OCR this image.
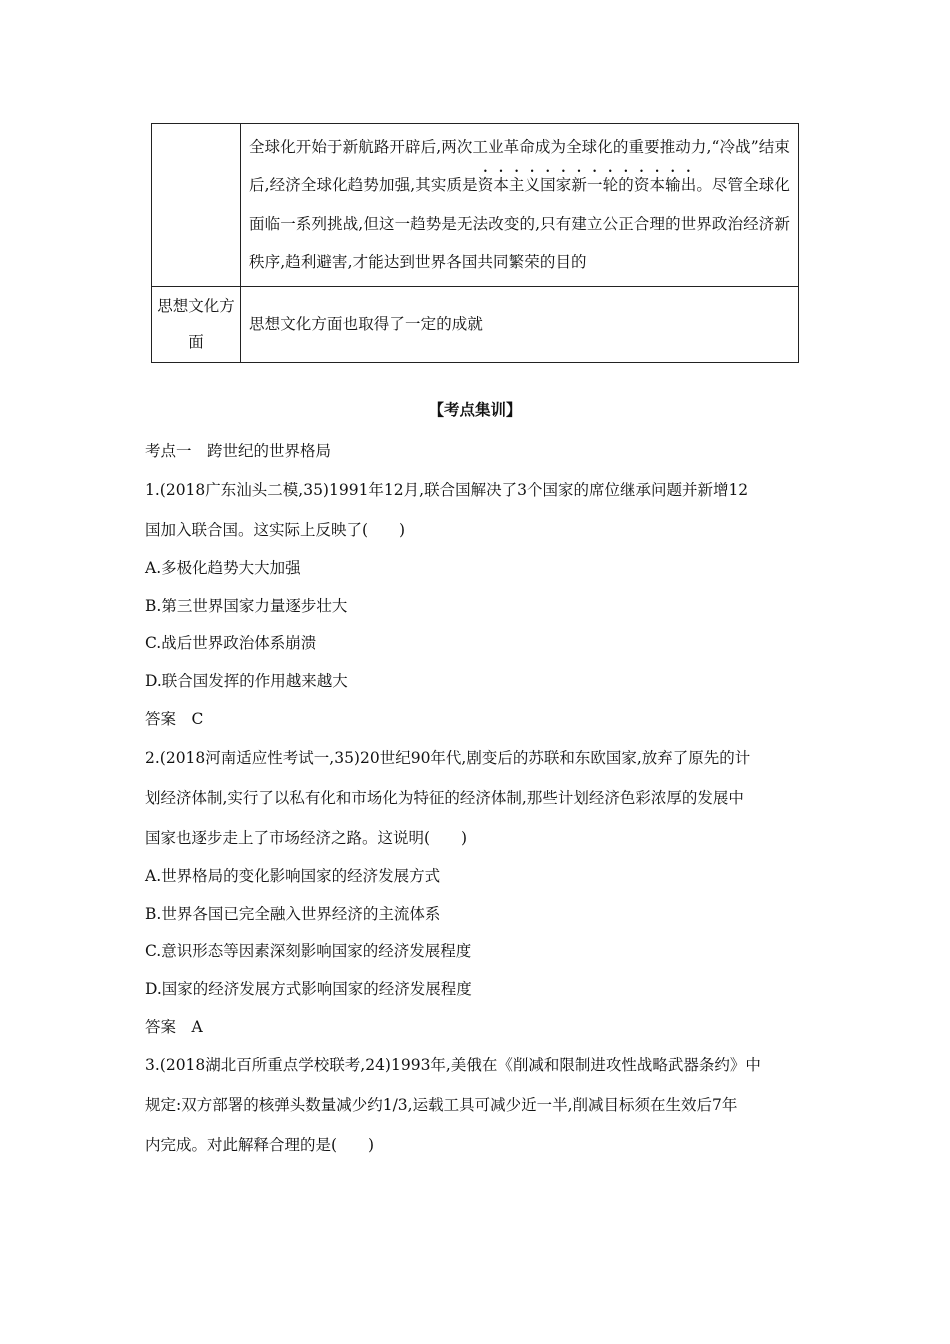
	全球化开始于新航路开辟后,两次工业革命成为全球化的重要推动力,“冷战”结束后,经济全球化趋势加强,其实质是资本主义国家新一轮的资本输出。尽管全球化面临一系列挑战,但这一趋势是无法改变的,只有建立公正合理的世界政治经济新秩序,趋利避害,才能达到世界各国共同繁荣的目的

思想文化方面	思想文化方面也取得了一定的成就
【考点集训】
考点一　跨世纪的世界格局
1.(2018广东汕头二模,35)1991年12月,联合国解决了3个国家的席位继承问题并新增12
国加入联合国。这实际上反映了(　　)
A.多极化趋势大大加强
B.第三世界国家力量逐步壮大
C.战后世界政治体系崩溃
D.联合国发挥的作用越来越大
答案　C
2.(2018河南适应性考试一,35)20世纪90年代,剧变后的苏联和东欧国家,放弃了原先的计
划经济体制,实行了以私有化和市场化为特征的经济体制,那些计划经济色彩浓厚的发展中
国家也逐步走上了市场经济之路。这说明(　　)
A.世界格局的变化影响国家的经济发展方式
B.世界各国已完全融入世界经济的主流体系
C.意识形态等因素深刻影响国家的经济发展程度
D.国家的经济发展方式影响国家的经济发展程度
答案　A
3.(2018湖北百所重点学校联考,24)1993年,美俄在《削减和限制进攻性战略武器条约》中
规定:双方部署的核弹头数量减少约1/3,运载工具可减少近一半,削减目标须在生效后7年
内完成。对此解释合理的是(　　)
